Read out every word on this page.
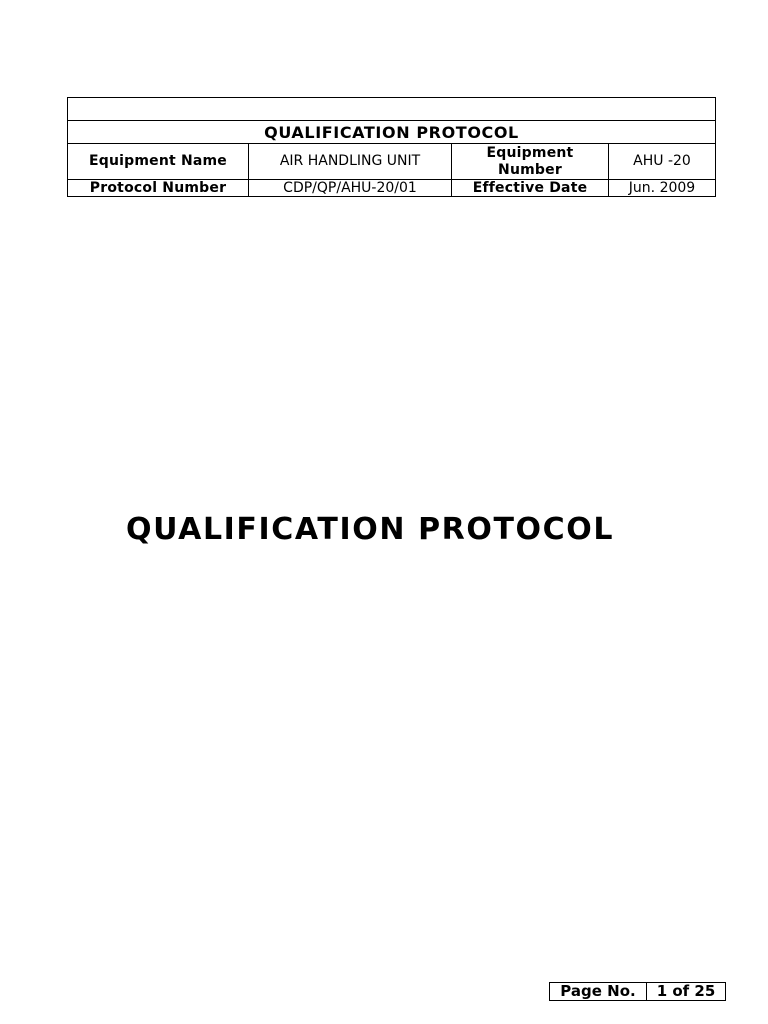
QUALIFICATION PROTOCOL			
Equipment Name	AIR HANDLING UNIT	Equipment Number	AHU -20
Protocol Number	CDP/QP/AHU-20/01	Effective Date	Jun. 2009
QUALIFICATION PROTOCOL
Page No.	1 of 25
